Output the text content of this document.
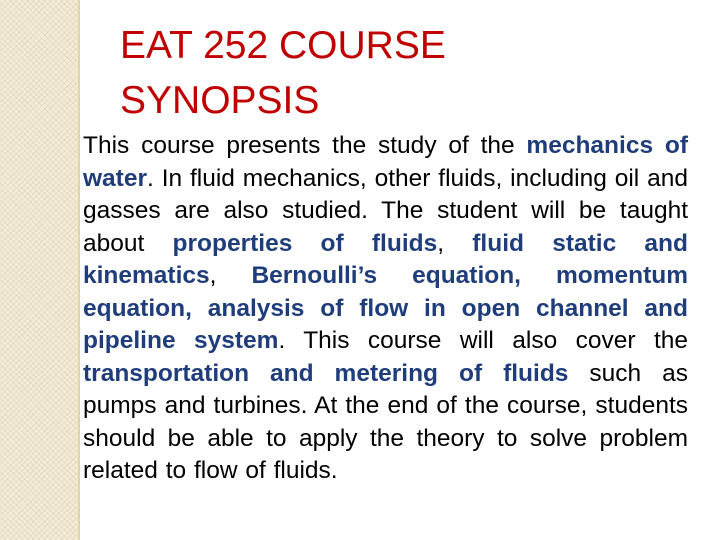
EAT 252 COURSE
SYNOPSIS

This course presents the study of the mechanics of water. In fluid mechanics, other fluids, including oil and gasses are also studied. The student will be taught about properties of fluids, fluid static and kinematics, Bernoulli’s equation, momentum equation, analysis of flow in open channel and pipeline system. This course will also cover the transportation and metering of fluids such as pumps and turbines. At the end of the course, students should be able to apply the theory to solve problem related to flow of fluids.
